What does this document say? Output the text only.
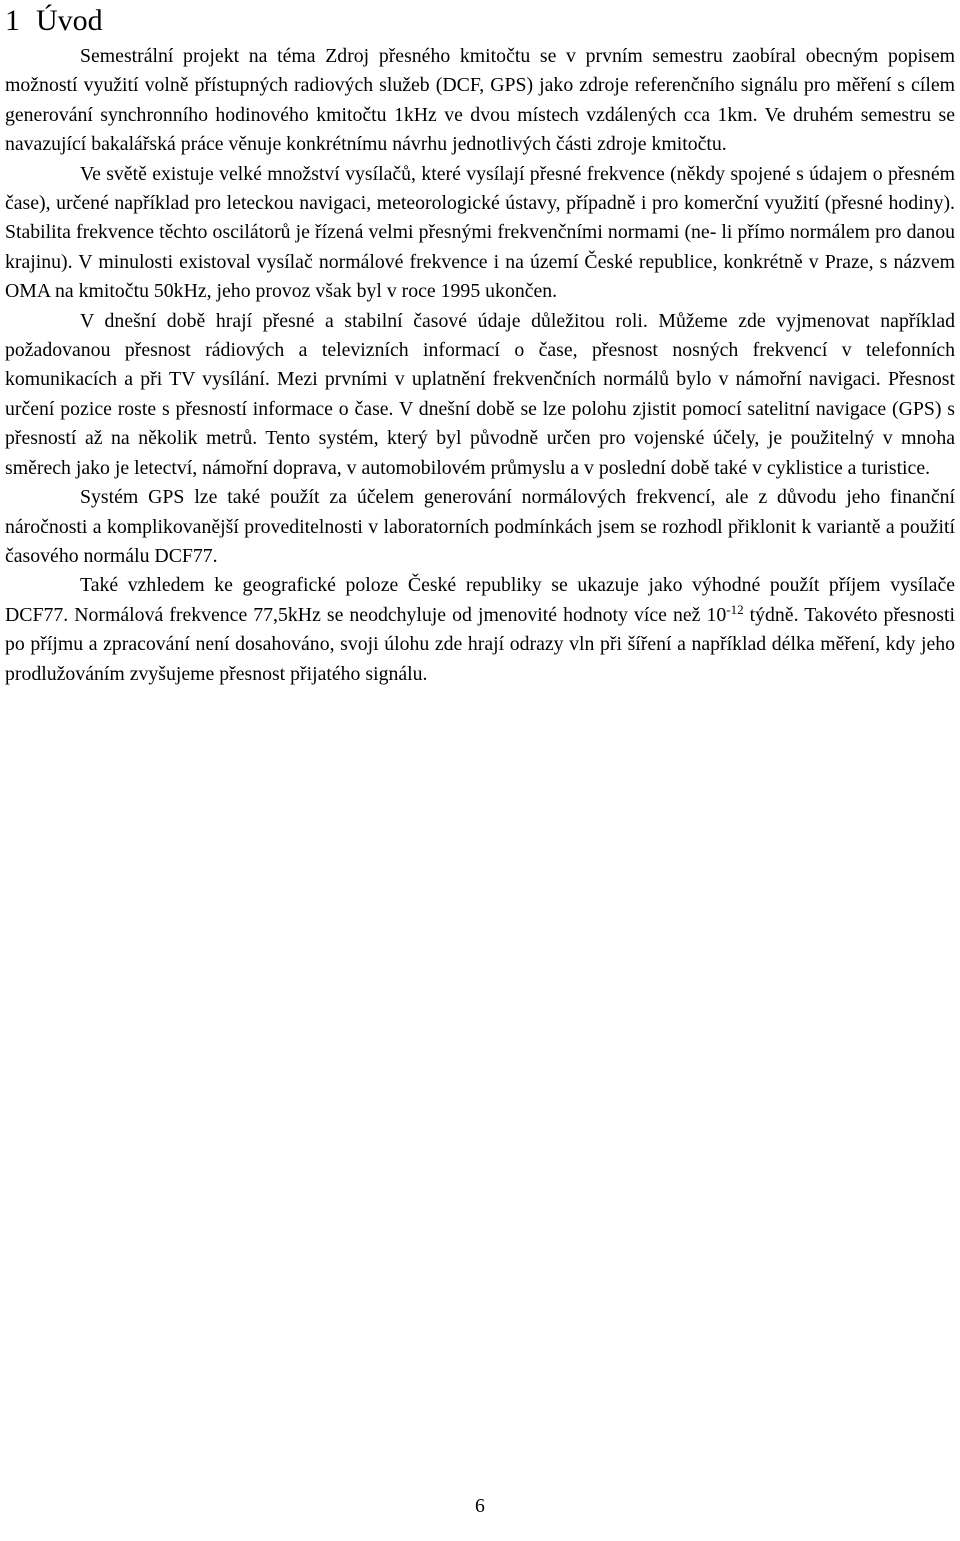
1 Úvod

Semestrální projekt na téma Zdroj přesného kmitočtu se v prvním semestru zaobíral obecným popisem možností využití volně přístupných radiových služeb (DCF, GPS) jako zdroje referenčního signálu pro měření s cílem generování synchronního hodinového kmitočtu 1kHz ve dvou místech vzdálených cca 1km. Ve druhém semestru se navazující bakalářská práce věnuje konkrétnímu návrhu jednotlivých části zdroje kmitočtu.

Ve světě existuje velké množství vysílačů, které vysílají přesné frekvence (někdy spojené s údajem o přesném čase), určené například pro leteckou navigaci, meteorologické ústavy, případně i pro komerční využití (přesné hodiny). Stabilita frekvence těchto oscilátorů je řízená velmi přesnými frekvenčními normami (ne- li přímo normálem pro danou krajinu). V minulosti existoval vysílač normálové frekvence i na území České republice, konkrétně v Praze, s názvem OMA na kmitočtu 50kHz, jeho provoz však byl v roce 1995 ukončen.

V dnešní době hrají přesné a stabilní časové údaje důležitou roli. Můžeme zde vyjmenovat například požadovanou přesnost rádiových a televizních informací o čase, přesnost nosných frekvencí v telefonních komunikacích a při TV vysílání. Mezi prvními v uplatnění frekvenčních normálů bylo v námořní navigaci. Přesnost určení pozice roste s přesností informace o čase. V dnešní době se lze polohu zjistit pomocí satelitní navigace (GPS) s přesností až na několik metrů. Tento systém, který byl původně určen pro vojenské účely, je použitelný v mnoha směrech jako je letectví, námořní doprava, v automobilovém průmyslu a v poslední době také v cyklistice a turistice.

Systém GPS lze také použít za účelem generování normálových frekvencí, ale z důvodu jeho finanční náročnosti a komplikovanější proveditelnosti v laboratorních podmínkách jsem se rozhodl přiklonit k variantě a použití časového normálu DCF77.

Také vzhledem ke geografické poloze České republiky se ukazuje jako výhodné použít příjem vysílače DCF77. Normálová frekvence 77,5kHz se neodchyluje od jmenovité hodnoty více než $10^{-12}$ týdně. Takovéto přesnosti po příjmu a zpracování není dosahováno, svoji úlohu zde hrají odrazy vln při šíření a například délka měření, kdy jeho prodlužováním zvyšujeme přesnost přijatého signálu.

6
